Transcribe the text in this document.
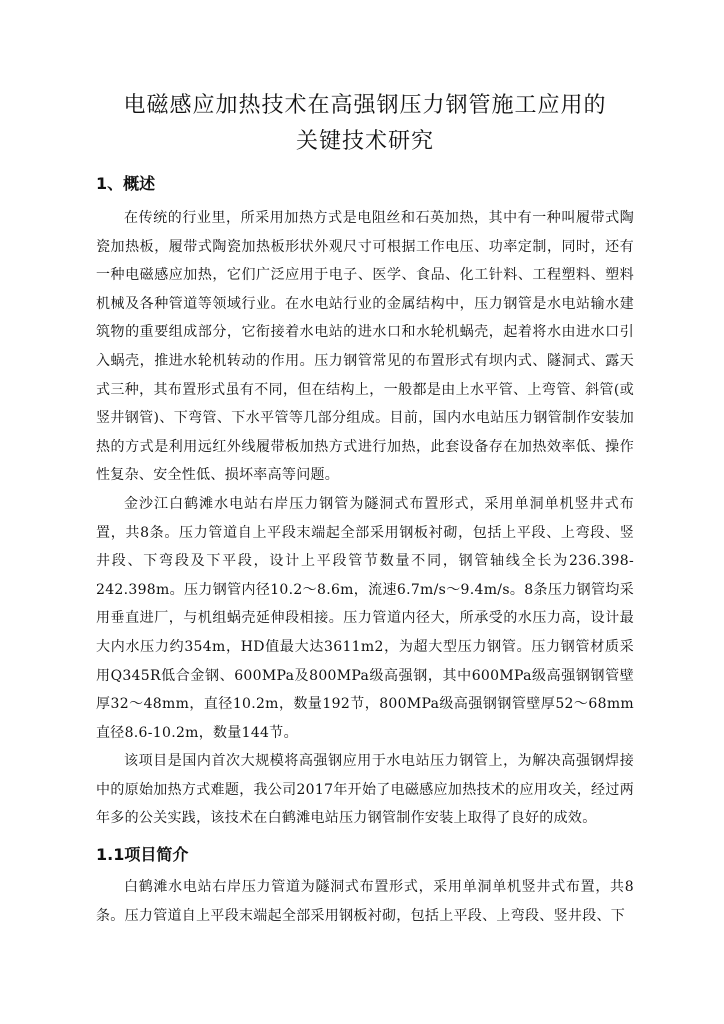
电磁感应加热技术在高强钢压力钢管施工应用的
关键技术研究
1、概述

在传统的行业里，所采用加热方式是电阻丝和石英加热，其中有一种叫履带式陶瓷加热板，履带式陶瓷加热板形状外观尺寸可根据工作电压、功率定制，同时，还有一种电磁感应加热，它们广泛应用于电子、医学、食品、化工针料、工程塑料、塑料机械及各种管道等领域行业。在水电站行业的金属结构中，压力钢管是水电站输水建筑物的重要组成部分，它衔接着水电站的进水口和水轮机蜗壳，起着将水由进水口引入蜗壳，推进水轮机转动的作用。压力钢管常见的布置形式有坝内式、隧洞式、露天式三种，其布置形式虽有不同，但在结构上，一般都是由上水平管、上弯管、斜管(或竖井钢管)、下弯管、下水平管等几部分组成。目前，国内水电站压力钢管制作安装加热的方式是利用远红外线履带板加热方式进行加热，此套设备存在加热效率低、操作性复杂、安全性低、损坏率高等问题。

金沙江白鹤滩水电站右岸压力钢管为隧洞式布置形式，采用单洞单机竖井式布置，共8条。压力管道自上平段末端起全部采用钢板衬砌，包括上平段、上弯段、竖井段、下弯段及下平段，设计上平段管节数量不同，钢管轴线全长为236.398-242.398m。压力钢管内径10.2～8.6m，流速6.7m/s～9.4m/s。8条压力钢管均采用垂直进厂，与机组蜗壳延伸段相接。压力管道内径大，所承受的水压力高，设计最大内水压力约354m，HD值最大达3611m2，为超大型压力钢管。压力钢管材质采用Q345R低合金钢、600MPa及800MPa级高强钢，其中600MPa级高强钢钢管壁厚32～48mm，直径10.2m，数量192节，800MPa级高强钢钢管壁厚52～68mm直径8.6-10.2m，数量144节。

该项目是国内首次大规模将高强钢应用于水电站压力钢管上，为解决高强钢焊接中的原始加热方式难题，我公司2017年开始了电磁感应加热技术的应用攻关，经过两年多的公关实践，该技术在白鹤滩电站压力钢管制作安装上取得了良好的成效。

1.1项目简介

白鹤滩水电站右岸压力管道为隧洞式布置形式，采用单洞单机竖井式布置，共8条。压力管道自上平段末端起全部采用钢板衬砌，包括上平段、上弯段、竖井段、下
